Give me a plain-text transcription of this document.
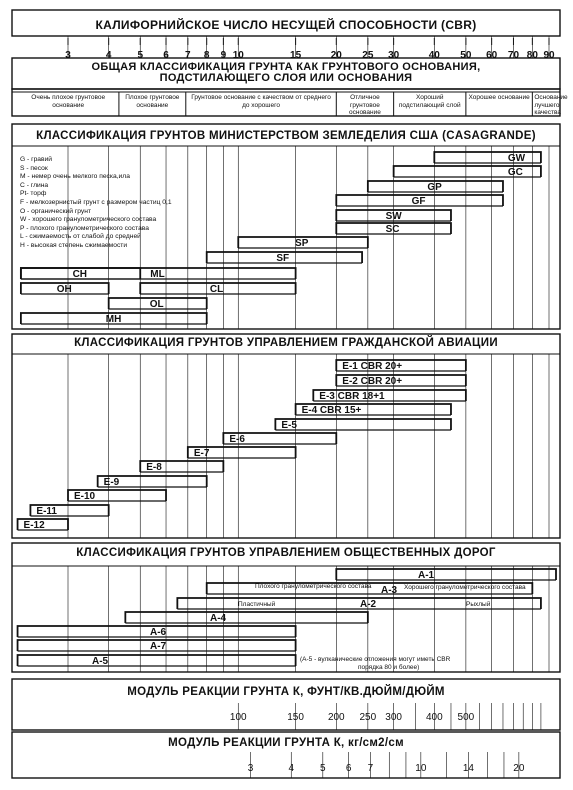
КАЛИФОРНИЙСКОЕ ЧИСЛО НЕСУЩЕЙ СПОСОБНОСТИ (CBR)
ОБЩАЯ КЛАССИФИКАЦИЯ ГРУНТА КАК ГРУНТОВОГО ОСНОВАНИЯ,
ПОДСТИЛАЮЩЕГО СЛОЯ ИЛИ ОСНОВАНИЯ
КЛАССИФИКАЦИЯ ГРУНТОВ МИНИСТЕРСТВОМ ЗЕМЛЕДЕЛИЯ США (CASAGRANDE)
КЛАССИФИКАЦИЯ ГРУНТОВ УПРАВЛЕНИЕМ ГРАЖДАНСКОЙ АВИАЦИИ
КЛАССИФИКАЦИЯ ГРУНТОВ УПРАВЛЕНИЕМ ОБЩЕСТВЕННЫХ ДОРОГ
МОДУЛЬ РЕАКЦИИ ГРУНТА К, ФУНТ/КВ.ДЮЙМ/ДЮЙМ
МОДУЛЬ РЕАКЦИИ ГРУНТА К, кг/см2/см
3	4	5 6 7 8 9 10	15	20 25 30	40 50 60 70 80 90
Очень плохое грунтовое основание
Плохое грунтовое основание
Грунтовое основание с качеством от среднего до хорошего
Отличное грунтовое основание
Хороший подстилающий слой
Хорошее основание Основание лучшего качества
G - гравий
S - песок
M - немер очень мелкого песка,ила
C - глина
Pt- торф
F - мелкозернистый грунт с размером частиц 0,1
O - органический грунт
W - хорошего гранулометрического состава
P - плохого гранулометрического состава
L - сжимаемость от слабой до средней
H - высокая степень сжимаемости
GW
GC
GP
GF
SW
SC
SP
SF
ML
CH
CL
OH
OL
MH
E-1 CBR 20+
E-2 CBR 20+
E-3 CBR 18+1
E-4 CBR 15+
E-5
E-6
E-7
E-8
E-9
E-10
E-11
E-12
A-1
A-3
Плохого гранулометрического состава	Хорошего гранулометрического состава
A-2
Пластичный	Рыхлый
A-4
A-6
A-7
A-5
100	150 200 250 300 400 500
3	4	5 6 7	10	14	20
(А-5 - вулканические отложения могут иметь CBR
порядка 80 и более)
